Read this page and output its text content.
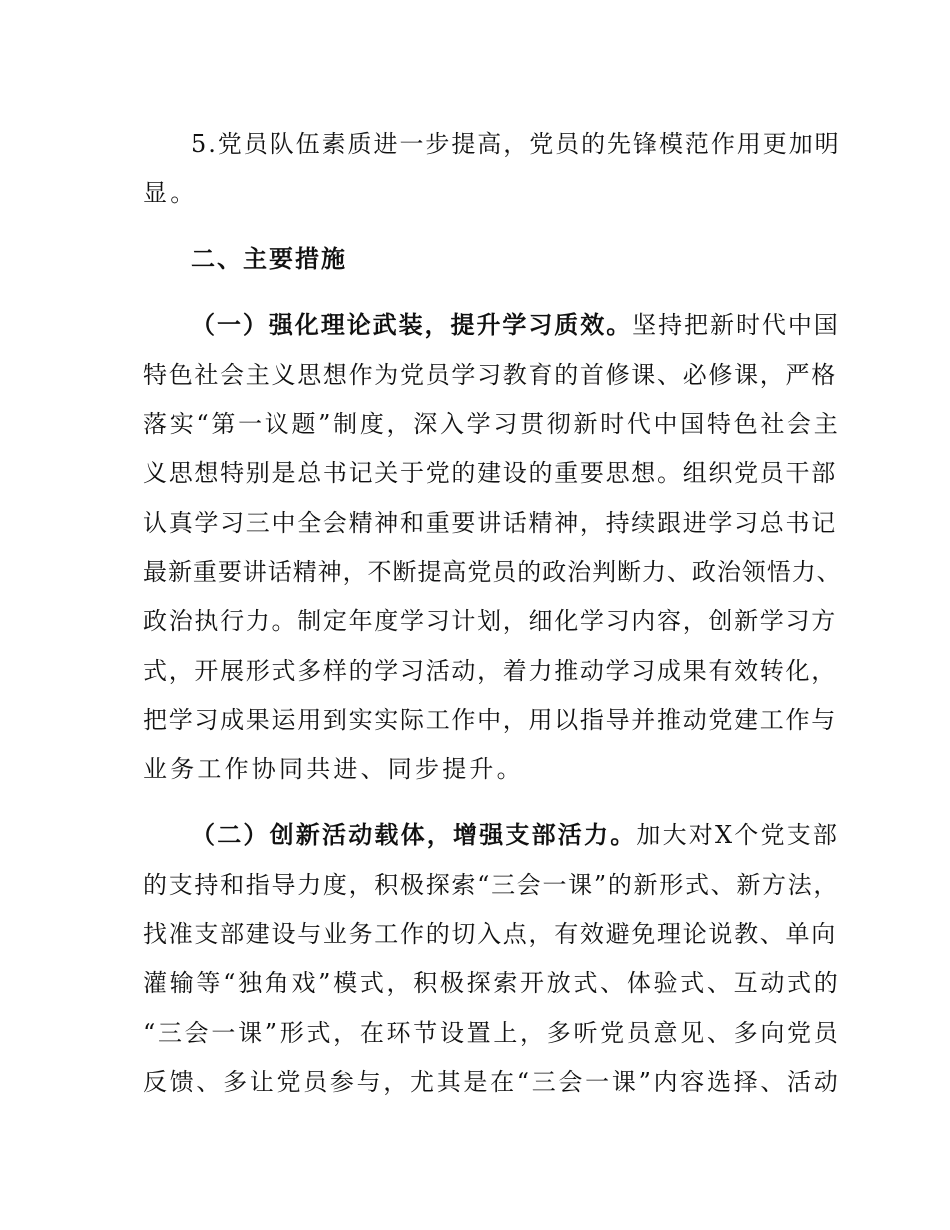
5.党员队伍素质进一步提高，党员的先锋模范作用更加明
显。
二、主要措施
（一）强化理论武装，提升学习质效。坚持把新时代中国
特色社会主义思想作为党员学习教育的首修课、必修课，严格
落实“第一议题”制度，深入学习贯彻新时代中国特色社会主
义思想特别是总书记关于党的建设的重要思想。组织党员干部
认真学习三中全会精神和重要讲话精神，持续跟进学习总书记
最新重要讲话精神，不断提高党员的政治判断力、政治领悟力、
政治执行力。制定年度学习计划，细化学习内容，创新学习方
式，开展形式多样的学习活动，着力推动学习成果有效转化，
把学习成果运用到实实际工作中，用以指导并推动党建工作与
业务工作协同共进、同步提升。
（二）创新活动载体，增强支部活力。加大对X个党支部
的支持和指导力度，积极探索“三会一课”的新形式、新方法，
找准支部建设与业务工作的切入点，有效避免理论说教、单向
灌输等“独角戏”模式，积极探索开放式、体验式、互动式的
“三会一课”形式，在环节设置上，多听党员意见、多向党员
反馈、多让党员参与，尤其是在“三会一课”内容选择、活动
